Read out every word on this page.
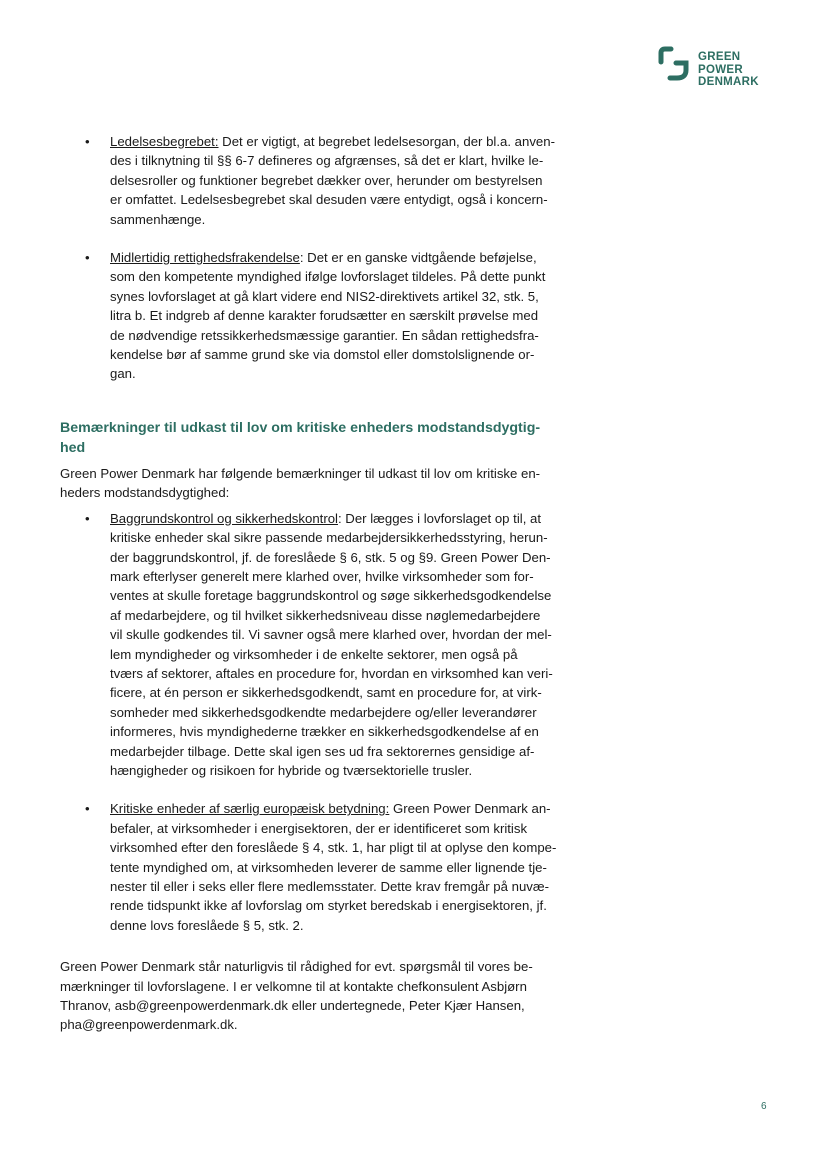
GREEN
POWER
DENMARK
• Ledelsesbegrebet: Det er vigtigt, at begrebet ledelsesorgan, der bl.a. anven-
des i tilknytning til §§ 6-7 defineres og afgrænses, så det er klart, hvilke le-
delsesroller og funktioner begrebet dækker over, herunder om bestyrelsen
er omfattet. Ledelsesbegrebet skal desuden være entydigt, også i koncern-
sammenhænge.
• Midlertidig rettighedsfrakendelse: Det er en ganske vidtgående beføjelse,
som den kompetente myndighed ifølge lovforslaget tildeles. På dette punkt
synes lovforslaget at gå klart videre end NIS2-direktivets artikel 32, stk. 5,
litra b. Et indgreb af denne karakter forudsætter en særskilt prøvelse med
de nødvendige retssikkerhedsmæssige garantier. En sådan rettighedsfra-
kendelse bør af samme grund ske via domstol eller domstolslignende or-
gan.
Bemærkninger til udkast til lov om kritiske enheders modstandsdygtig-
hed

Green Power Denmark har følgende bemærkninger til udkast til lov om kritiske en-
heders modstandsdygtighed:

• Baggrundskontrol og sikkerhedskontrol: Der lægges i lovforslaget op til, at
kritiske enheder skal sikre passende medarbejdersikkerhedsstyring, herun-
der baggrundskontrol, jf. de foreslåede § 6, stk. 5 og §9. Green Power Den-
mark efterlyser generelt mere klarhed over, hvilke virksomheder som for-
ventes at skulle foretage baggrundskontrol og søge sikkerhedsgodkendelse
af medarbejdere, og til hvilket sikkerhedsniveau disse nøglemedarbejdere
vil skulle godkendes til. Vi savner også mere klarhed over, hvordan der mel-
lem myndigheder og virksomheder i de enkelte sektorer, men også på
tværs af sektorer, aftales en procedure for, hvordan en virksomhed kan veri-
ficere, at én person er sikkerhedsgodkendt, samt en procedure for, at virk-
somheder med sikkerhedsgodkendte medarbejdere og/eller leverandører
informeres, hvis myndighederne trækker en sikkerhedsgodkendelse af en
medarbejder tilbage. Dette skal igen ses ud fra sektorernes gensidige af-
hængigheder og risikoen for hybride og tværsektorielle trusler.
• Kritiske enheder af særlig europæisk betydning: Green Power Denmark an-
befaler, at virksomheder i energisektoren, der er identificeret som kritisk
virksomhed efter den foreslåede § 4, stk. 1, har pligt til at oplyse den kompe-
tente myndighed om, at virksomheden leverer de samme eller lignende tje-
nester til eller i seks eller flere medlemsstater. Dette krav fremgår på nuvæ-
rende tidspunkt ikke af lovforslag om styrket beredskab i energisektoren, jf.
denne lovs foreslåede § 5, stk. 2.

Green Power Denmark står naturligvis til rådighed for evt. spørgsmål til vores be-
mærkninger til lovforslagene. I er velkomne til at kontakte chefkonsulent Asbjørn
Thranov, asb@greenpowerdenmark.dk eller undertegnede, Peter Kjær Hansen,
pha@greenpowerdenmark.dk.

6
